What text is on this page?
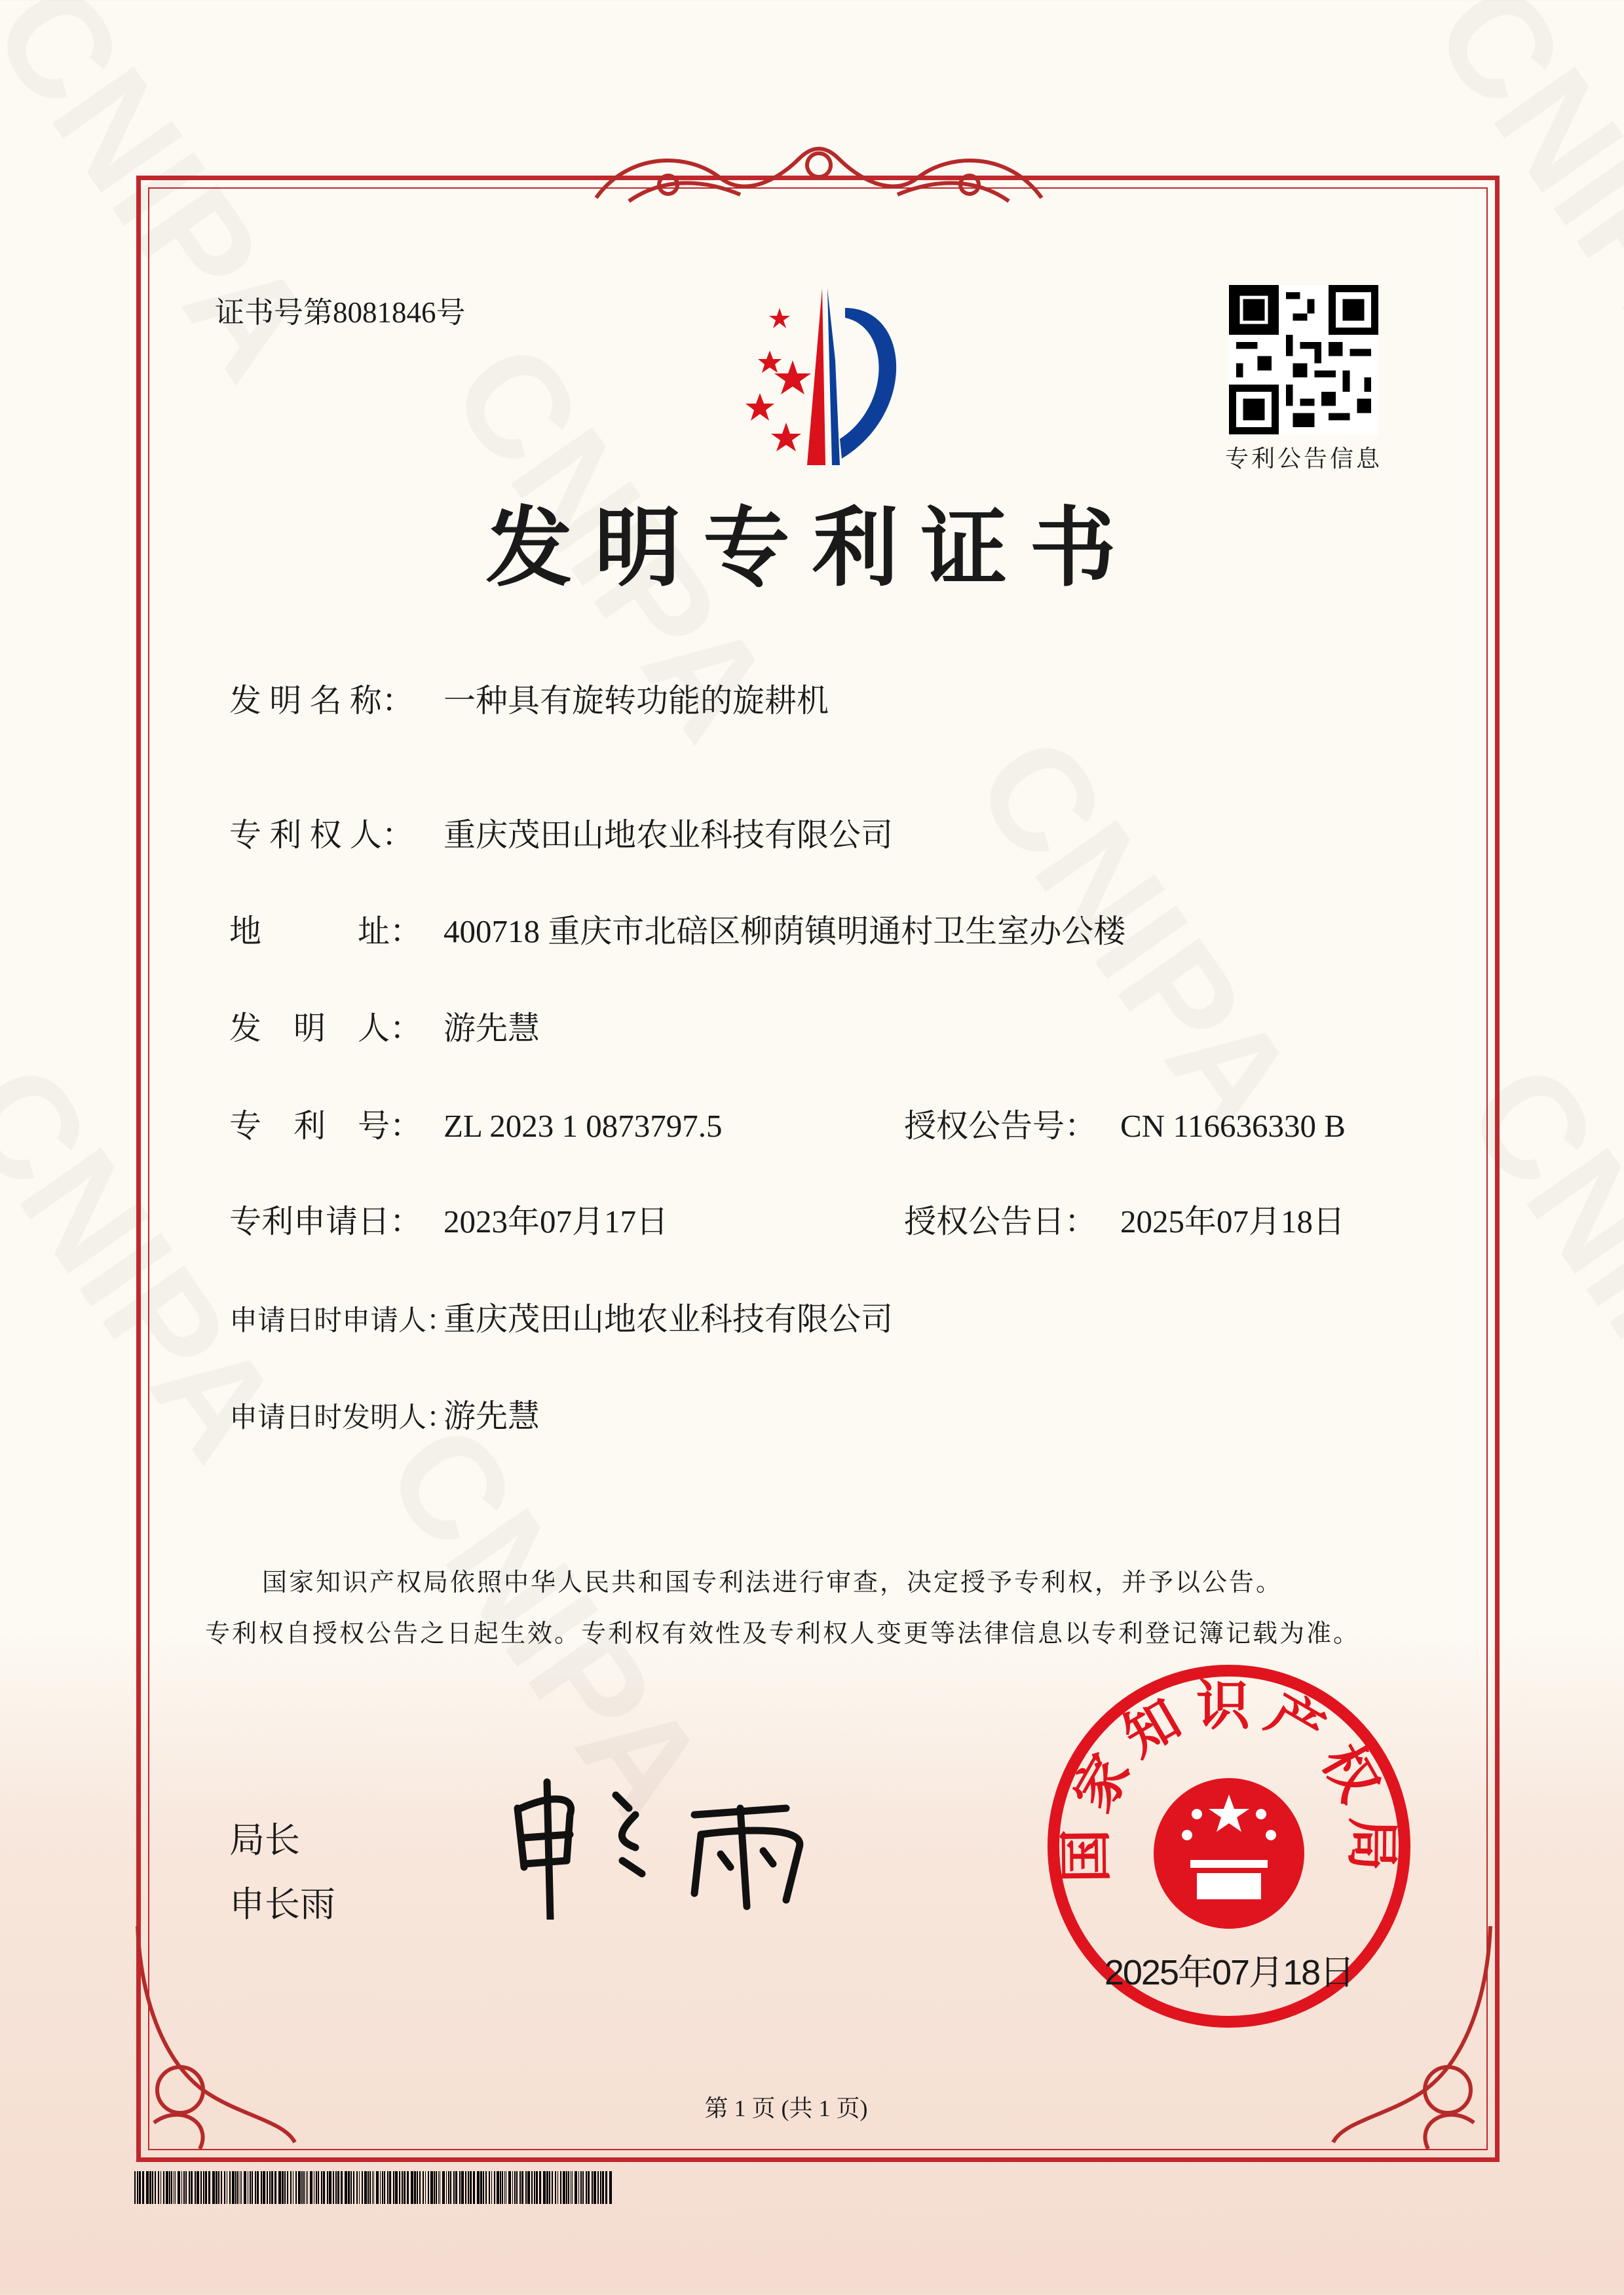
证书号第8081846号
专利公告信息
发明专利证书
发 明 名 称： 一种具有旋转功能的旋耕机
专 利 权 人： 重庆茂田山地农业科技有限公司
地　　　址： 400718 重庆市北碚区柳荫镇明通村卫生室办公楼
发　明　人： 游先慧
专　利　号： ZL 2023 1 0873797.5	授权公告号： CN 116636330 B
专利申请日： 2023年07月17日	授权公告日： 2025年07月18日
申请日时申请人：重庆茂田山地农业科技有限公司
申请日时发明人：游先慧
国家知识产权局依照中华人民共和国专利法进行审查，决定授予专利权，并予以公告。
专利权自授权公告之日起生效。专利权有效性及专利权人变更等法律信息以专利登记簿记载为准。
局长
申长雨
国家知识产权局
2025年07月18日
第 1 页 (共 1 页)
